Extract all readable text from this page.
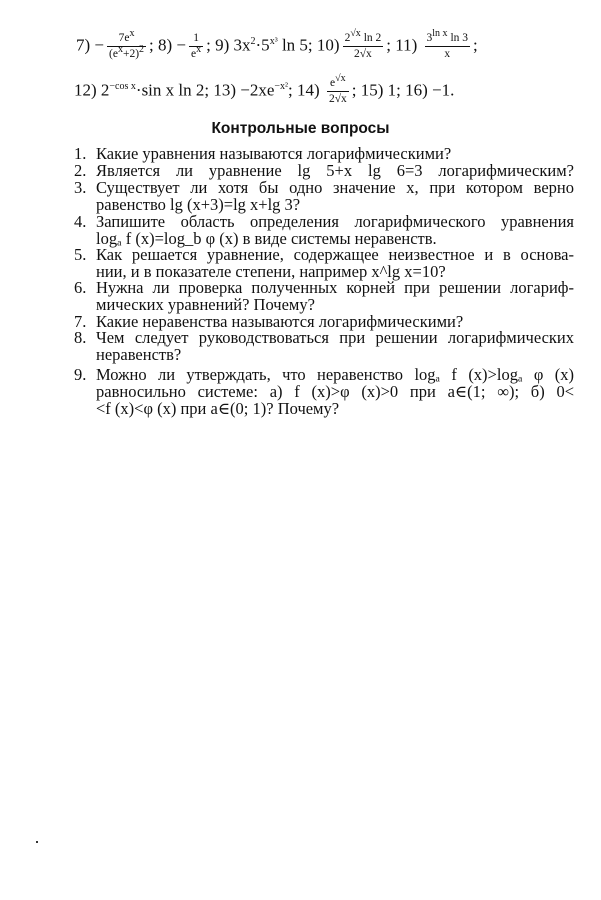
$7) - \frac{7e^x}{(e^x+2)^2}$ ; $8) - \frac{1}{e^x}$ ; 9) $3x^2\cdot 5^{x^3}$ ln 5; $10) \frac{2^{√x} \ln 2}{2√x}$ ; $11) \frac{3^{ln x} \ln 3}{x}$ ;
12) $2^{-cos x}\cdot\sin$ x ln 2; $13) -2xe^{-x^2}$; $14) \frac{e^{√x}}{2√x}$ ; 15) 1; 16) −1.
Контрольные вопросы
1. Какие уравнения называются логарифмическими?
2. Является ли уравнение lg 5+x lg 6=3 логарифмическим?
3. Существует ли хотя бы одно значение x, при котором верно
равенство lg (x+3)=lg x+lg 3?
4. Запишите область определения логарифмического уравнения
logₐ f (x)=log_b φ (x) в виде системы неравенств.
5. Как решается уравнение, содержащее неизвестное и в основа-
нии, и в показателе степени, например x^lg x=10?
6. Нужна ли проверка полученных корней при решении логариф-
мических уравнений? Почему?
7. Какие неравенства называются логарифмическими?
8. Чем следует руководствоваться при решении логарифмических
неравенств?
9. Можно ли утверждать, что неравенство logₐ f (x)>logₐ φ (x)
равносильно системе: а) f (x)>φ (x)>0 при a∈(1; ∞); б) 0<
<f (x)<φ (x) при a∈(0; 1)? Почему?
